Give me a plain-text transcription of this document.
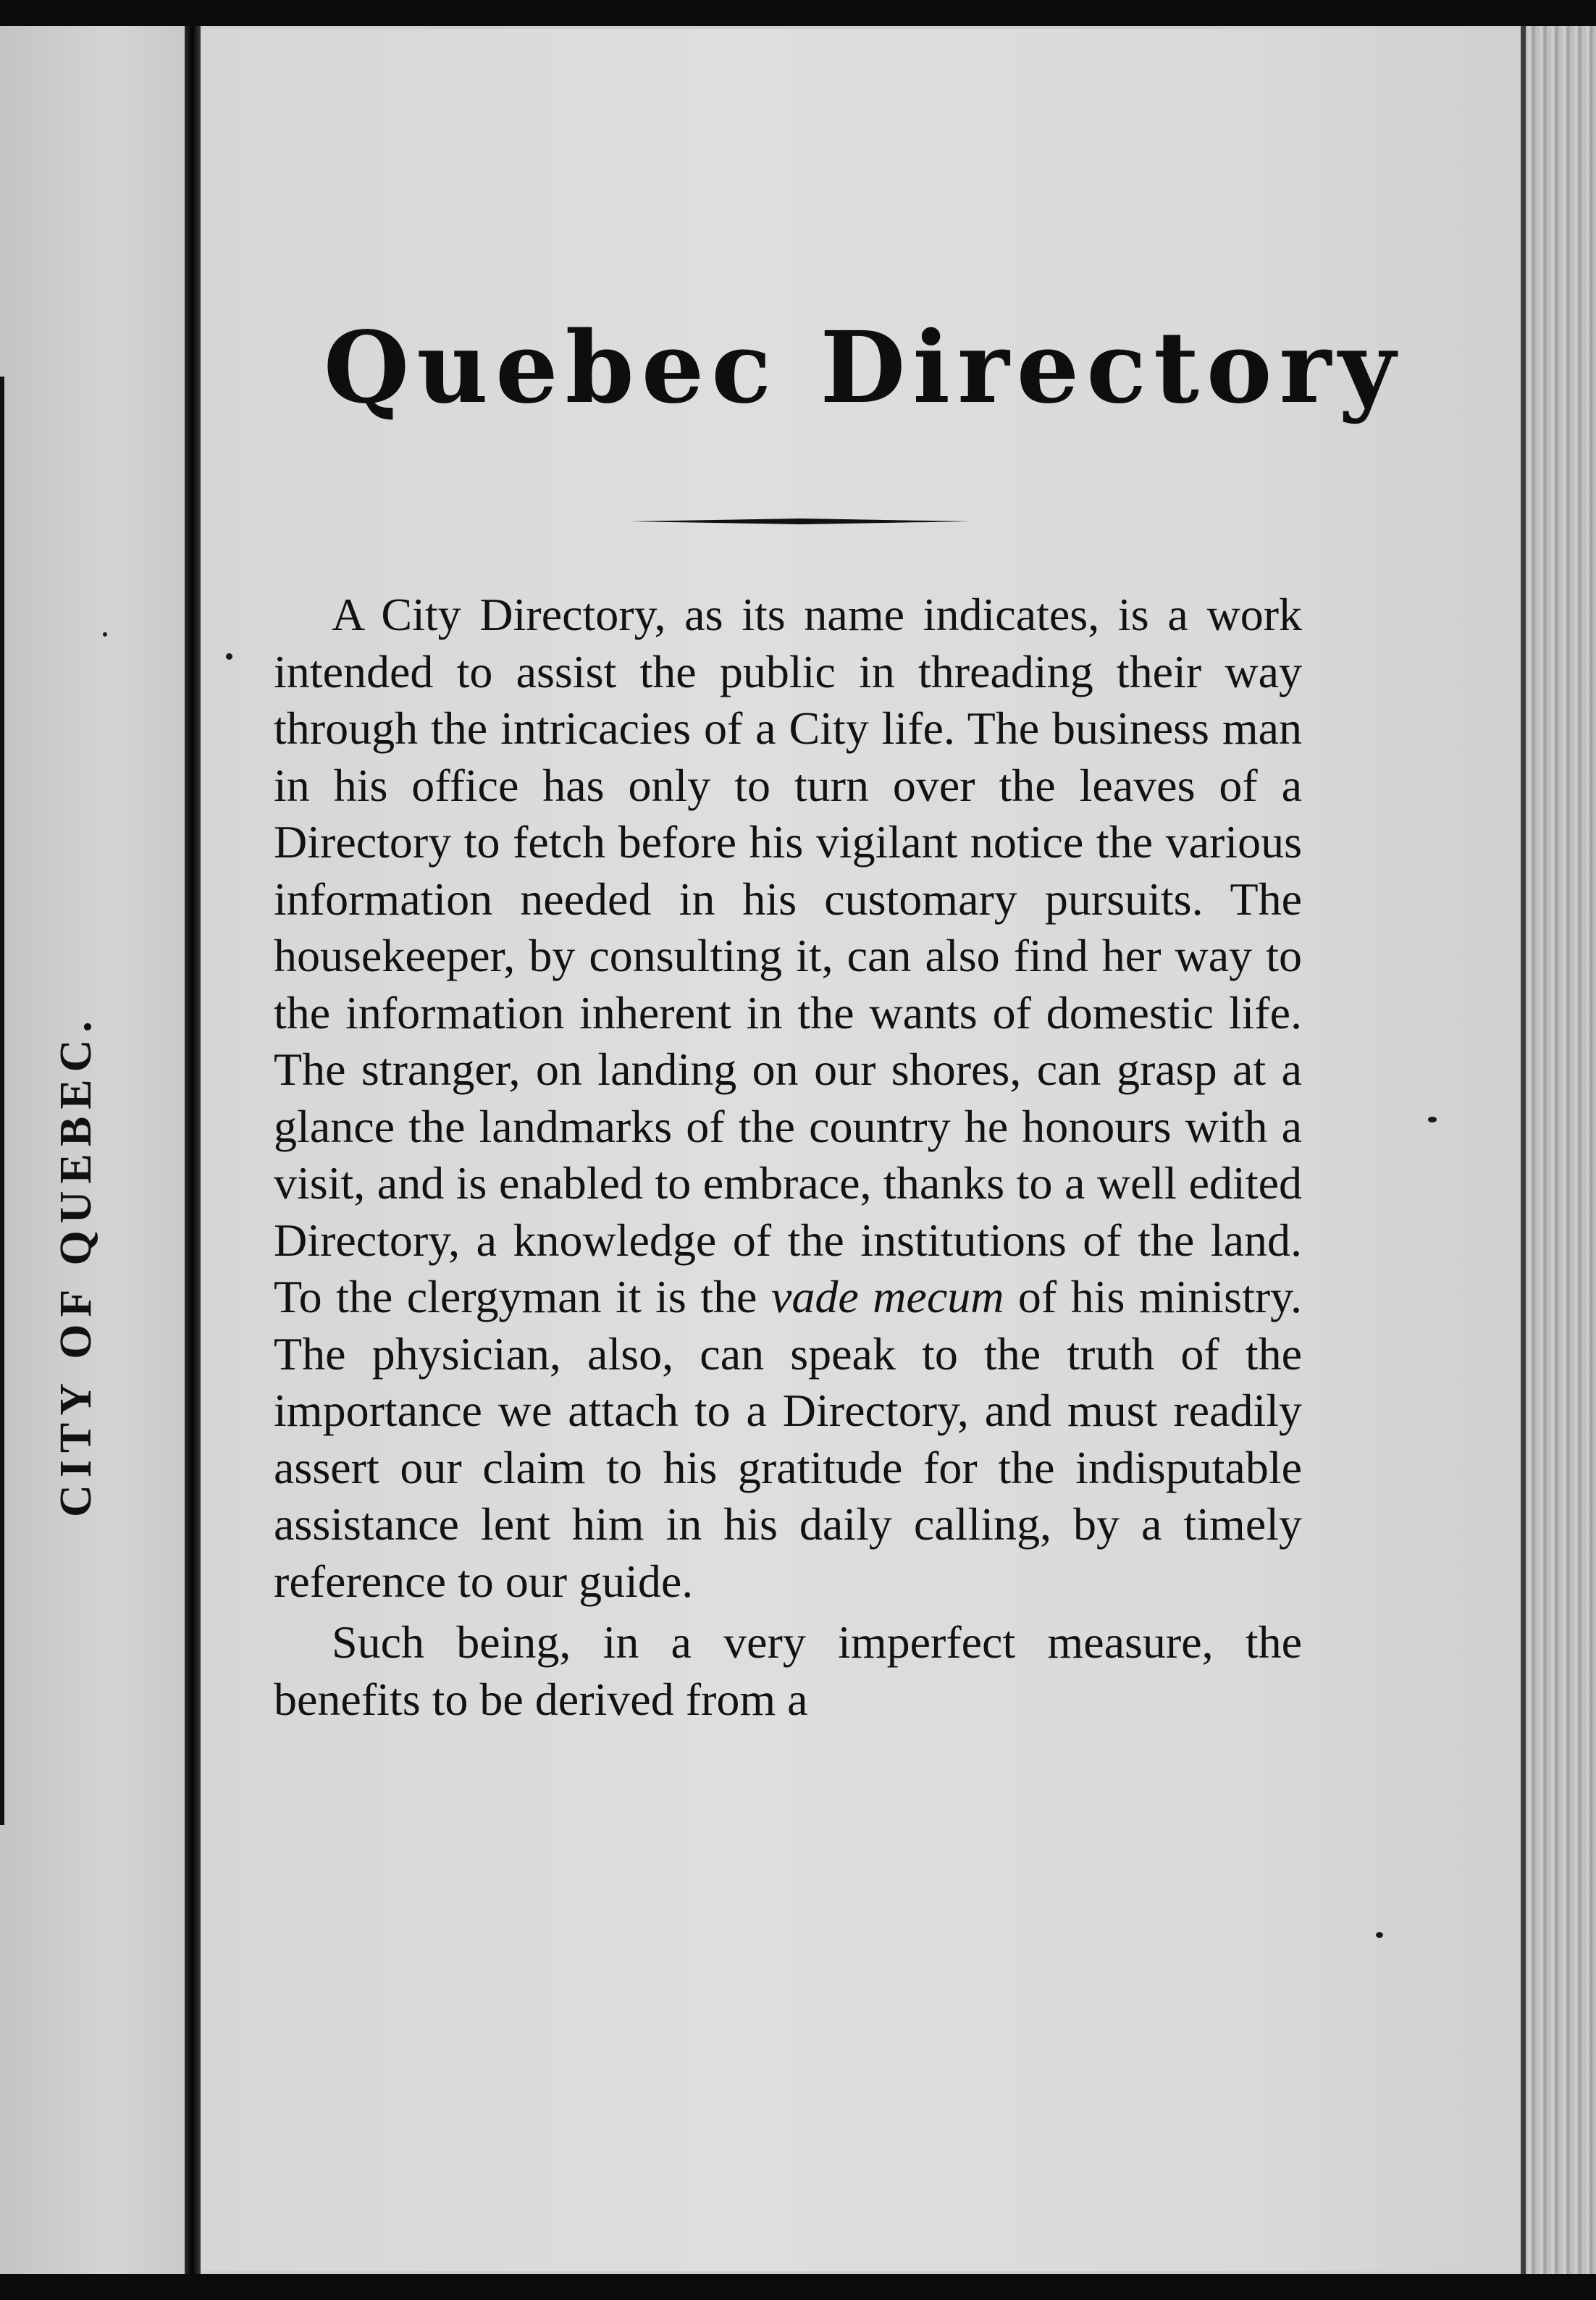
CITY OF QUEBEC.
Quebec Directory

A City Directory, as its name indicates, is a work intended to assist the public in threading their way through the intricacies of a City life. The business man in his office has only to turn over the leaves of a Directory to fetch before his vigilant notice the various information needed in his customary pursuits. The housekeeper, by consulting it, can also find her way to the information inherent in the wants of domestic life. The stranger, on landing on our shores, can grasp at a glance the landmarks of the country he honours with a visit, and is enabled to embrace, thanks to a well edited Directory, a knowledge of the institutions of the land. To the clergyman it is the vade mecum of his ministry. The physician, also, can speak to the truth of the importance we attach to a Directory, and must readily assert our claim to his gratitude for the indisputable assistance lent him in his daily calling, by a timely reference to our guide.

Such being, in a very imperfect measure, the benefits to be derived from a
